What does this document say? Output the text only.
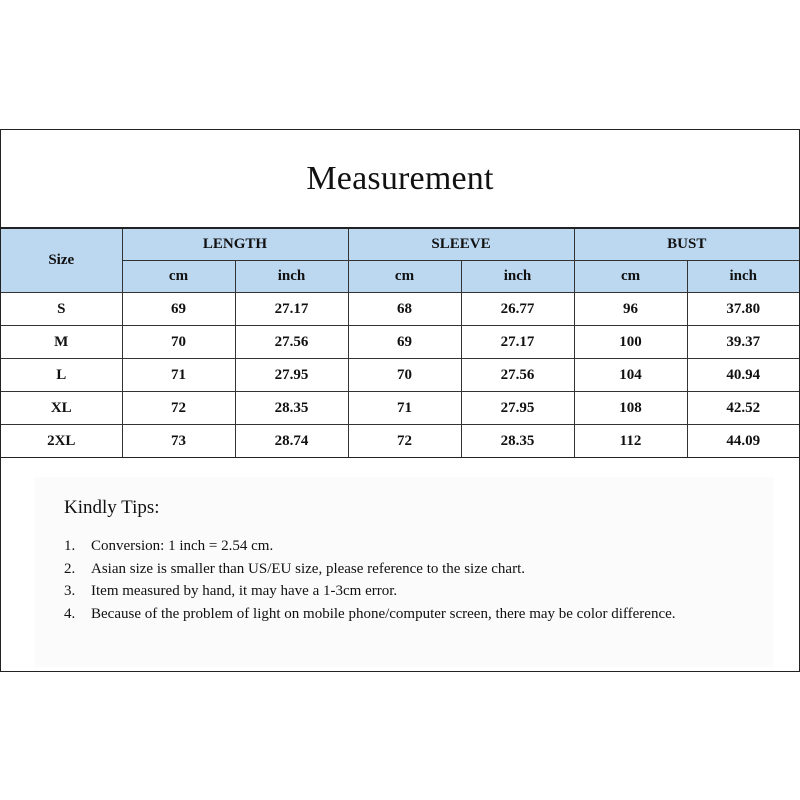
Measurement
Size	LENGTH		SLEEVE		BUST	
	cm	inch	cm	inch	cm	inch
S	69	27.17	68	26.77	96	37.80
M	70	27.56	69	27.17	100	39.37
L	71	27.95	70	27.56	104	40.94
XL	72	28.35	71	27.95	108	42.52
2XL	73	28.74	72	28.35	112	44.09
Kindly Tips:
1.	Conversion: 1 inch = 2.54 cm.
2.	Asian size is smaller than US/EU size, please reference to the size chart.
3.	Item measured by hand, it may have a 1-3cm error.
4.	Because of the problem of light on mobile phone/computer screen, there may be color difference.
